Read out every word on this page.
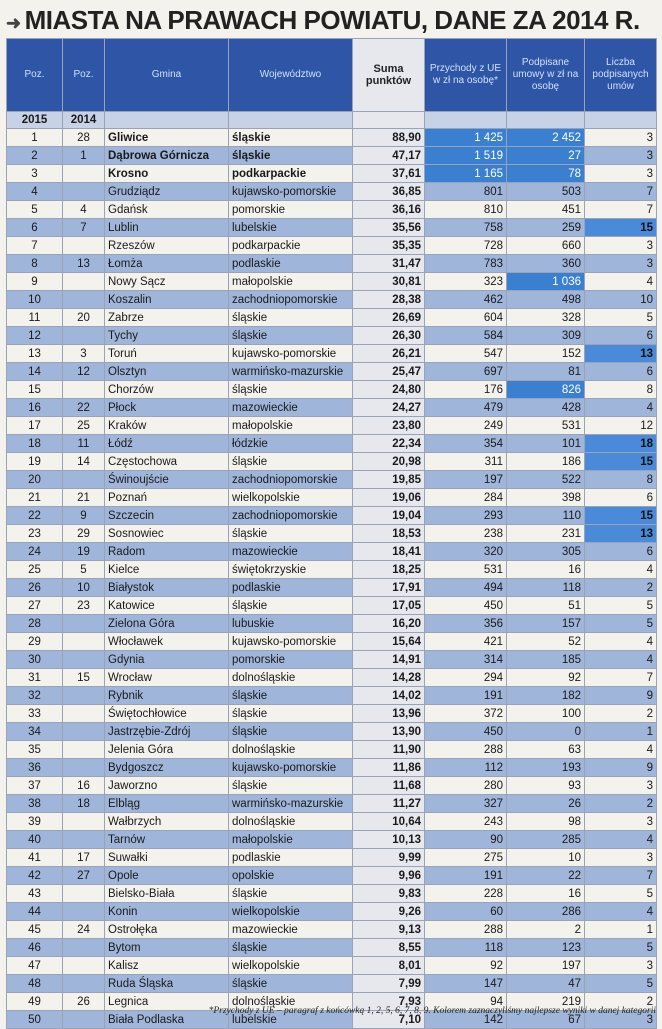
➜ MIASTA NA PRAWACH POWIATU, DANE ZA 2014 R.
Poz.	Poz.	Gmina	Województwo	Suma punktów	Przychody z UE w zł na osobę*	Podpisane umowy w zł na osobę	Liczba podpisanych umów
2015	2014						
1	28	Gliwice	śląskie	88,90	1 425	2 452	3
2	1	Dąbrowa Górnicza	śląskie	47,17	1 519	27	3
3		Krosno	podkarpackie	37,61	1 165	78	3
4		Grudziądz	kujawsko-pomorskie	36,85	801	503	7
5	4	Gdańsk	pomorskie	36,16	810	451	7
6	7	Lublin	lubelskie	35,56	758	259	15
7		Rzeszów	podkarpackie	35,35	728	660	3
8	13	Łomża	podlaskie	31,47	783	360	3
9		Nowy Sącz	małopolskie	30,81	323	1 036	4
10		Koszalin	zachodniopomorskie	28,38	462	498	10
11	20	Zabrze	śląskie	26,69	604	328	5
12		Tychy	śląskie	26,30	584	309	6
13	3	Toruń	kujawsko-pomorskie	26,21	547	152	13
14	12	Olsztyn	warmińsko-mazurskie	25,47	697	81	6
15		Chorzów	śląskie	24,80	176	826	8
16	22	Płock	mazowieckie	24,27	479	428	4
17	25	Kraków	małopolskie	23,80	249	531	12
18	11	Łódź	łódzkie	22,34	354	101	18
19	14	Częstochowa	śląskie	20,98	311	186	15
20		Świnoujście	zachodniopomorskie	19,85	197	522	8
21	21	Poznań	wielkopolskie	19,06	284	398	6
22	9	Szczecin	zachodniopomorskie	19,04	293	110	15
23	29	Sosnowiec	śląskie	18,53	238	231	13
24	19	Radom	mazowieckie	18,41	320	305	6
25	5	Kielce	świętokrzyskie	18,25	531	16	4
26	10	Białystok	podlaskie	17,91	494	118	2
27	23	Katowice	śląskie	17,05	450	51	5
28		Zielona Góra	lubuskie	16,20	356	157	5
29		Włocławek	kujawsko-pomorskie	15,64	421	52	4
30		Gdynia	pomorskie	14,91	314	185	4
31	15	Wrocław	dolnośląskie	14,28	294	92	7
32		Rybnik	śląskie	14,02	191	182	9
33		Świętochłowice	śląskie	13,96	372	100	2
34		Jastrzębie-Zdrój	śląskie	13,90	450	0	1
35		Jelenia Góra	dolnośląskie	11,90	288	63	4
36		Bydgoszcz	kujawsko-pomorskie	11,86	112	193	9
37	16	Jaworzno	śląskie	11,68	280	93	3
38	18	Elbląg	warmińsko-mazurskie	11,27	327	26	2
39		Wałbrzych	dolnośląskie	10,64	243	98	3
40		Tarnów	małopolskie	10,13	90	285	4
41	17	Suwałki	podlaskie	9,99	275	10	3
42	27	Opole	opolskie	9,96	191	22	7
43		Bielsko-Biała	śląskie	9,83	228	16	5
44		Konin	wielkopolskie	9,26	60	286	4
45	24	Ostrołęka	mazowieckie	9,13	288	2	1
46		Bytom	śląskie	8,55	118	123	5
47		Kalisz	wielkopolskie	8,01	92	197	3
48		Ruda Śląska	śląskie	7,99	147	47	5
49	26	Legnica	dolnośląskie	7,93	94	219	2
50		Biała Podlaska	lubelskie	7,10	142	67	3
*Przychody z UE – paragraf z końcówką 1, 2, 5, 6, 7, 8, 9. Kolorem zaznaczyliśmy najlepsze wyniki w danej kategorii
